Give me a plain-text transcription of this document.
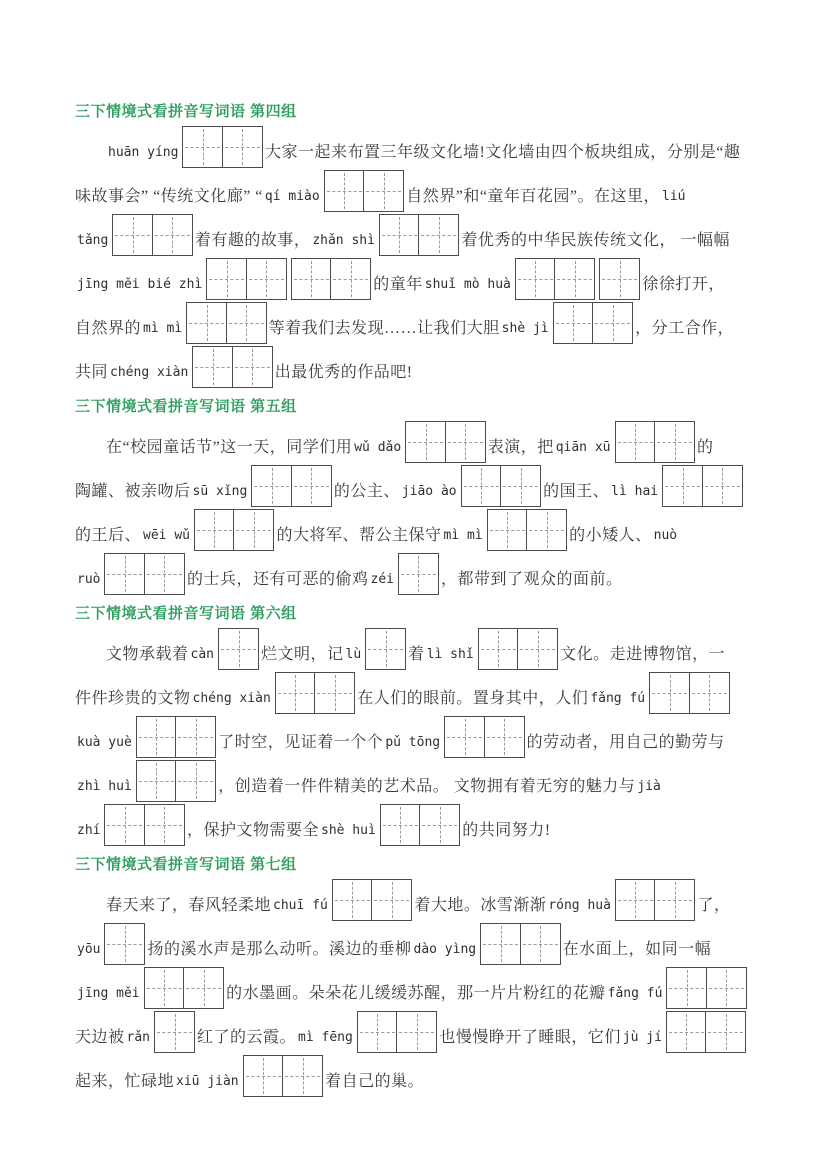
三下情境式看拼音写词语 第四组
huān yíng	大家一起来布置三年级文化墙!文化墙由四个板块组成，分别是“趣
味故事会” “传统文化廊” “ qí miào	自然界”和“童年百花园”。在这里， liú
tǎng	着有趣的故事， zhǎn shì	着优秀的中华民族传统文化， 一幅幅
jīng měi bié zhì	的童年 shuǐ mò huà	徐徐打开，
自然界的 mì mì	等着我们去发现……让我们大胆 shè jì	，分工合作，
共同 chéng xiàn	出最优秀的作品吧!
三下情境式看拼音写词语 第五组
在“校园童话节”这一天，同学们用 wǔ dǎo	表演，把 qiān xū	的
陶罐、被亲吻后 sū xǐng	的公主、 jiāo ào	的国王、 lì hai
的王后、 wēi wǔ	的大将军、帮公主保守 mì mì	的小矮人、 nuò
ruò	的士兵，还有可恶的偷鸡 zéi	，都带到了观众的面前。
三下情境式看拼音写词语 第六组
文物承载着 càn	烂文明，记 lù	着 lì shǐ	文化。走进博物馆，一
件件珍贵的文物 chéng xiàn	在人们的眼前。置身其中，人们 fǎng fú
kuà yuè	了时空，见证着一个个 pǔ tōng	的劳动者，用自己的勤劳与
zhì huì	，创造着一件件精美的艺术品。 文物拥有着无穷的魅力与 jià
zhí	，保护文物需要全 shè huì	的共同努力!
三下情境式看拼音写词语 第七组
春天来了，春风轻柔地 chuī fú	着大地。冰雪渐渐 róng huà	了，
yōu	扬的溪水声是那么动听。溪边的垂柳 dào yìng	在水面上，如同一幅
jīng měi	的水墨画。朵朵花儿缓缓苏醒，那一片片粉红的花瓣 fǎng fú
天边被 rǎn	红了的云霞。 mì fēng	也慢慢睁开了睡眼，它们 jù jí
起来，忙碌地 xiū jiàn	着自己的巢。
